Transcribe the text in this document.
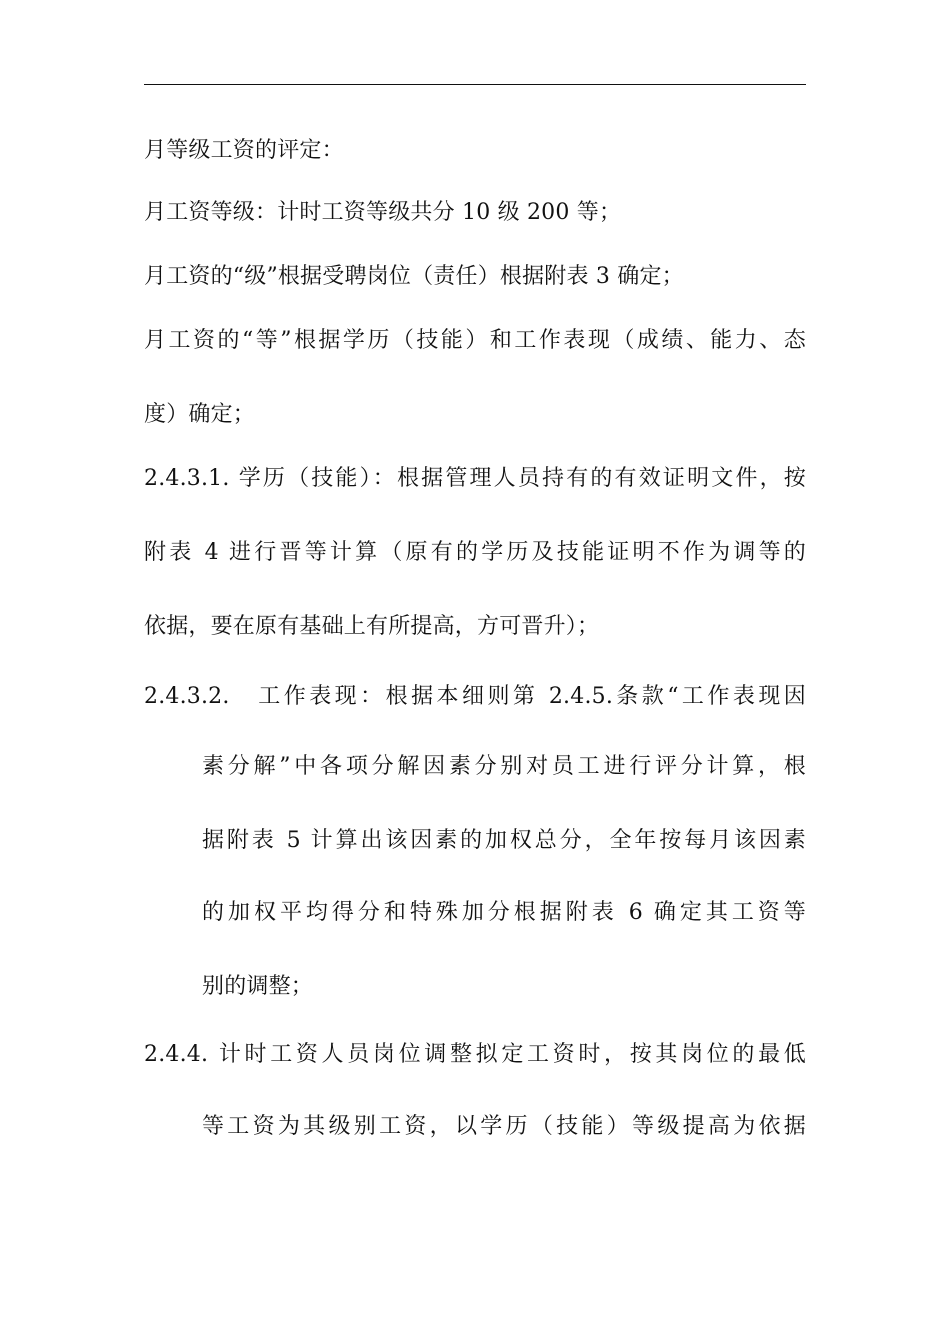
月等级工资的评定：
月工资等级：计时工资等级共分 10 级 200 等；
月工资的“级”根据受聘岗位（责任）根据附表 3 确定；
月工资的“等”根据学历（技能）和工作表现（成绩、能力、态
度）确定；
2.4.3.1. 学历（技能）：根据管理人员持有的有效证明文件，按
附表 4 进行晋等计算（原有的学历及技能证明不作为调等的
依据，要在原有基础上有所提高，方可晋升）；
2.4.3.2.　工作表现：根据本细则第 2.4.5.条款“工作表现因
素分解”中各项分解因素分别对员工进行评分计算，根
据附表 5 计算出该因素的加权总分，全年按每月该因素
的加权平均得分和特殊加分根据附表 6 确定其工资等
别的调整；
2.4.4. 计时工资人员岗位调整拟定工资时，按其岗位的最低
等工资为其级别工资，以学历（技能）等级提高为依据
